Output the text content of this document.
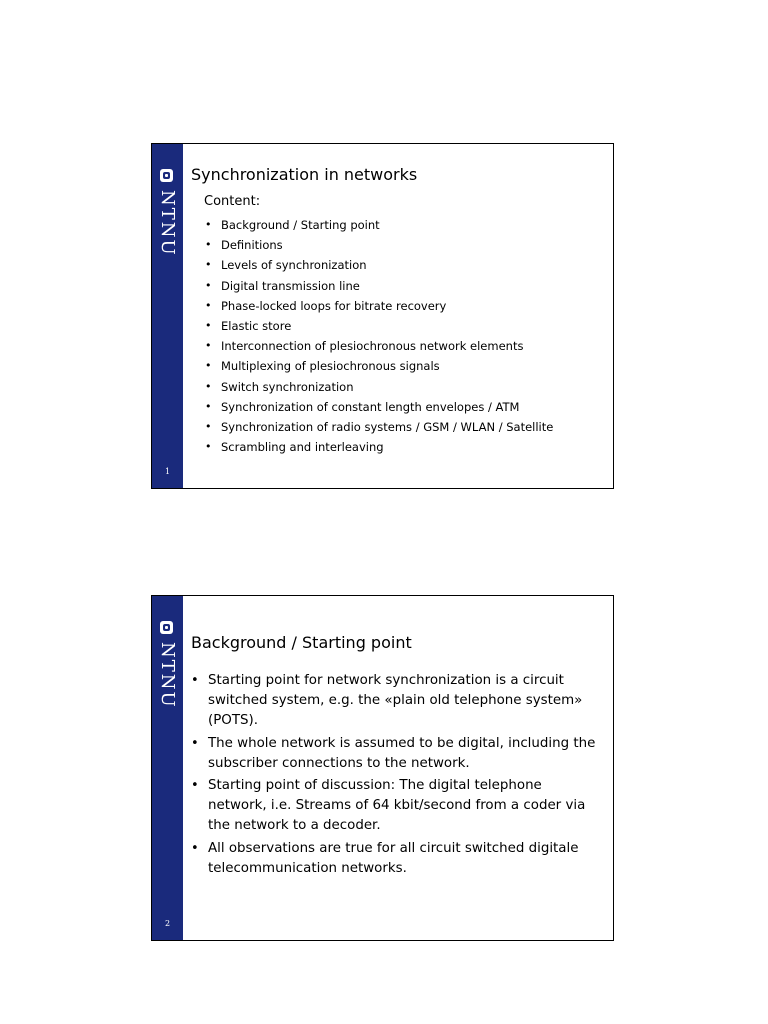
NTNU
1
Synchronization in networks
Content:
• Background / Starting point
• Definitions
• Levels of synchronization
• Digital transmission line
• Phase-locked loops for bitrate recovery
• Elastic store
• Interconnection of plesiochronous network elements
• Multiplexing of plesiochronous signals
• Switch synchronization
• Synchronization of constant length envelopes / ATM
• Synchronization of radio systems / GSM / WLAN / Satellite
• Scrambling and interleaving
NTNU
2
Background / Starting point
• Starting point for network synchronization is a circuit switched system, e.g. the «plain old telephone system» (POTS).
• The whole network is assumed to be digital, including the subscriber connections to the network.
• Starting point of discussion: The digital telephone network, i.e. Streams of 64 kbit/second from a coder via the network to a decoder.
• All observations are true for all circuit switched digitale telecommunication networks.
